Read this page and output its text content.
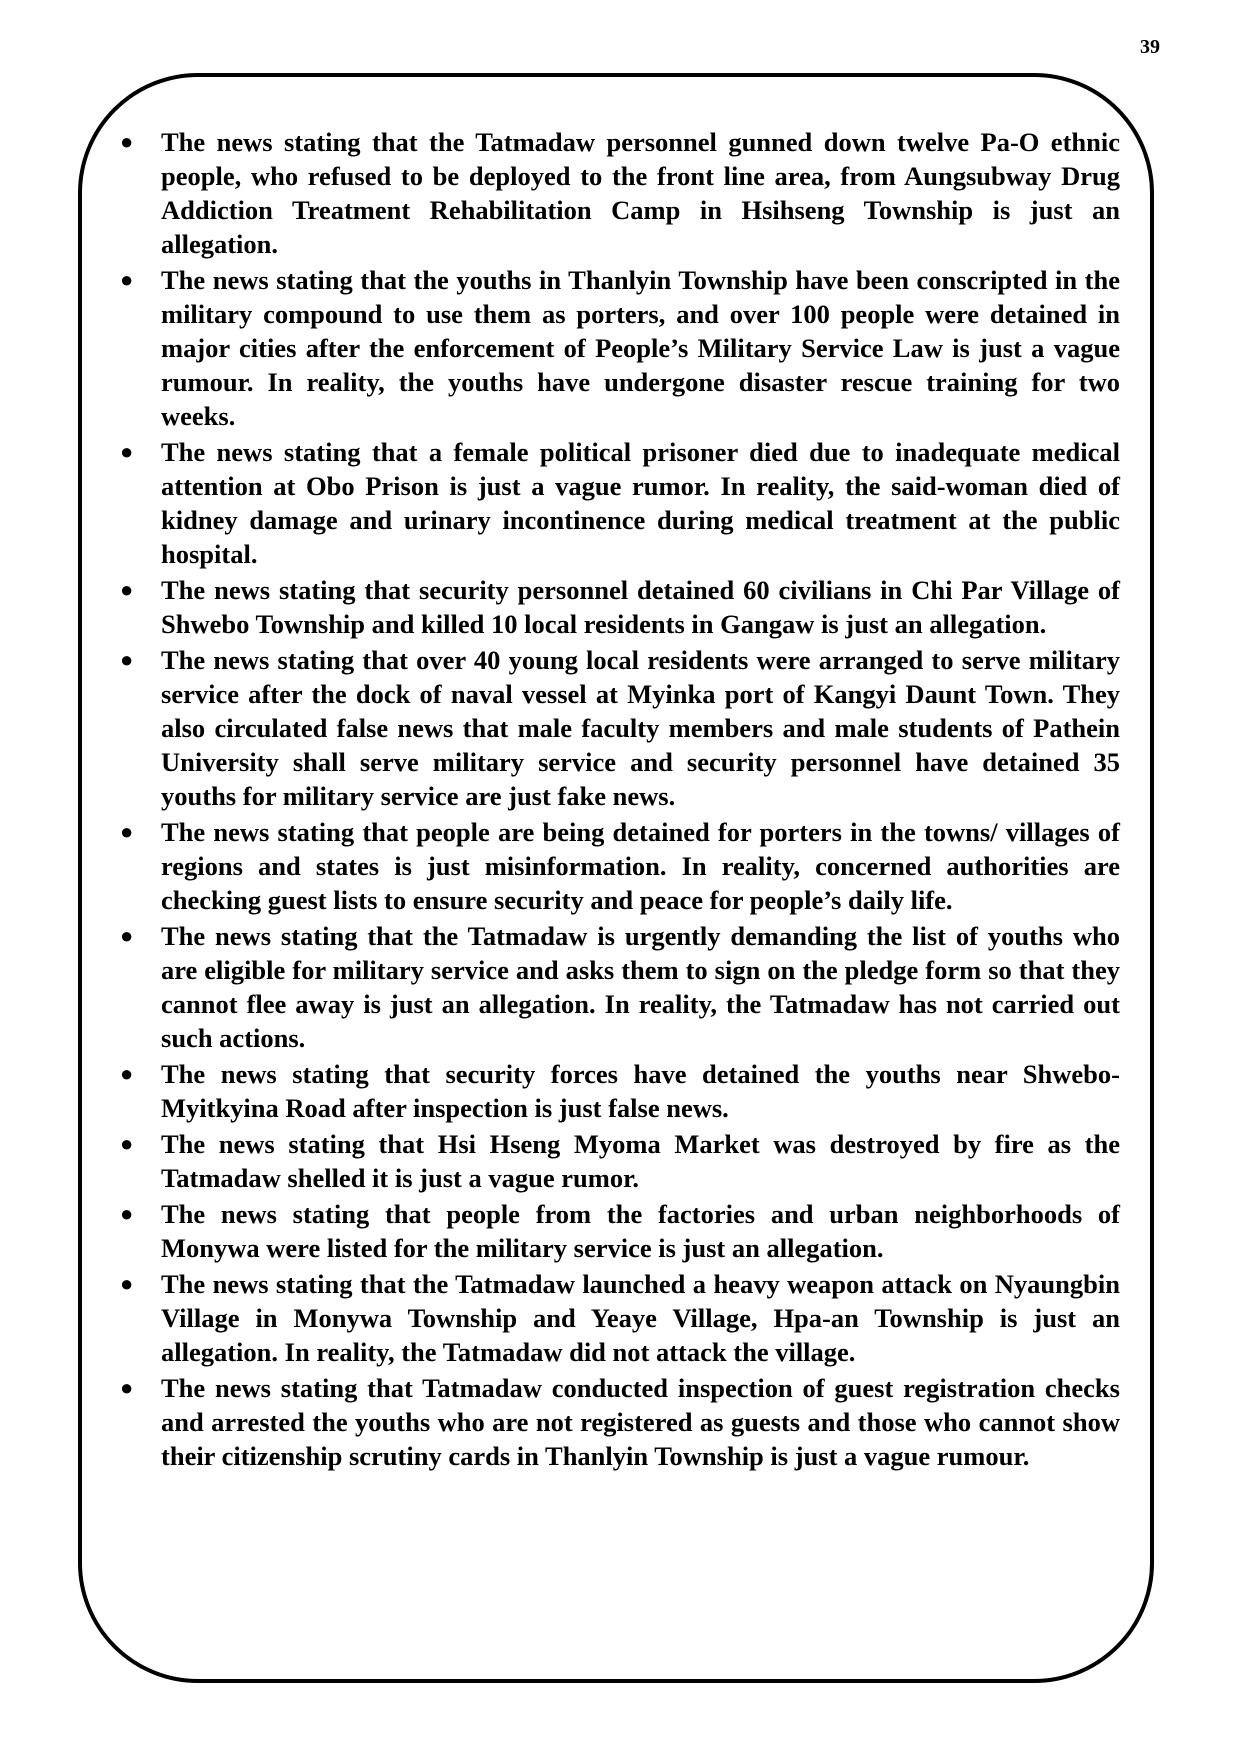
39
● The news stating that the Tatmadaw personnel gunned down twelve Pa-O ethnic people, who refused to be deployed to the front line area, from Aungsubway Drug Addiction Treatment Rehabilitation Camp in Hsihseng Township is just an allegation.
● The news stating that the youths in Thanlyin Township have been conscripted in the military compound to use them as porters, and over 100 people were detained in major cities after the enforcement of People’s Military Service Law is just a vague rumour. In reality, the youths have undergone disaster rescue training for two weeks.
● The news stating that a female political prisoner died due to inadequate medical attention at Obo Prison is just a vague rumor. In reality, the said-woman died of kidney damage and urinary incontinence during medical treatment at the public hospital.
● The news stating that security personnel detained 60 civilians in Chi Par Village of Shwebo Township and killed 10 local residents in Gangaw is just an allegation.
● The news stating that over 40 young local residents were arranged to serve military service after the dock of naval vessel at Myinka port of Kangyi Daunt Town. They also circulated false news that male faculty members and male students of Pathein University shall serve military service and security personnel have detained 35 youths for military service are just fake news.
● The news stating that people are being detained for porters in the towns/ villages of regions and states is just misinformation. In reality, concerned authorities are checking guest lists to ensure security and peace for people’s daily life.
● The news stating that the Tatmadaw is urgently demanding the list of youths who are eligible for military service and asks them to sign on the pledge form so that they cannot flee away is just an allegation. In reality, the Tatmadaw has not carried out such actions.
● The news stating that security forces have detained the youths near Shwebo-Myitkyina Road after inspection is just false news.
● The news stating that Hsi Hseng Myoma Market was destroyed by fire as the Tatmadaw shelled it is just a vague rumor.
● The news stating that people from the factories and urban neighborhoods of Monywa were listed for the military service is just an allegation.
● The news stating that the Tatmadaw launched a heavy weapon attack on Nyaungbin Village in Monywa Township and Yeaye Village, Hpa-an Township is just an allegation. In reality, the Tatmadaw did not attack the village.
● The news stating that Tatmadaw conducted inspection of guest registration checks and arrested the youths who are not registered as guests and those who cannot show their citizenship scrutiny cards in Thanlyin Township is just a vague rumour.
